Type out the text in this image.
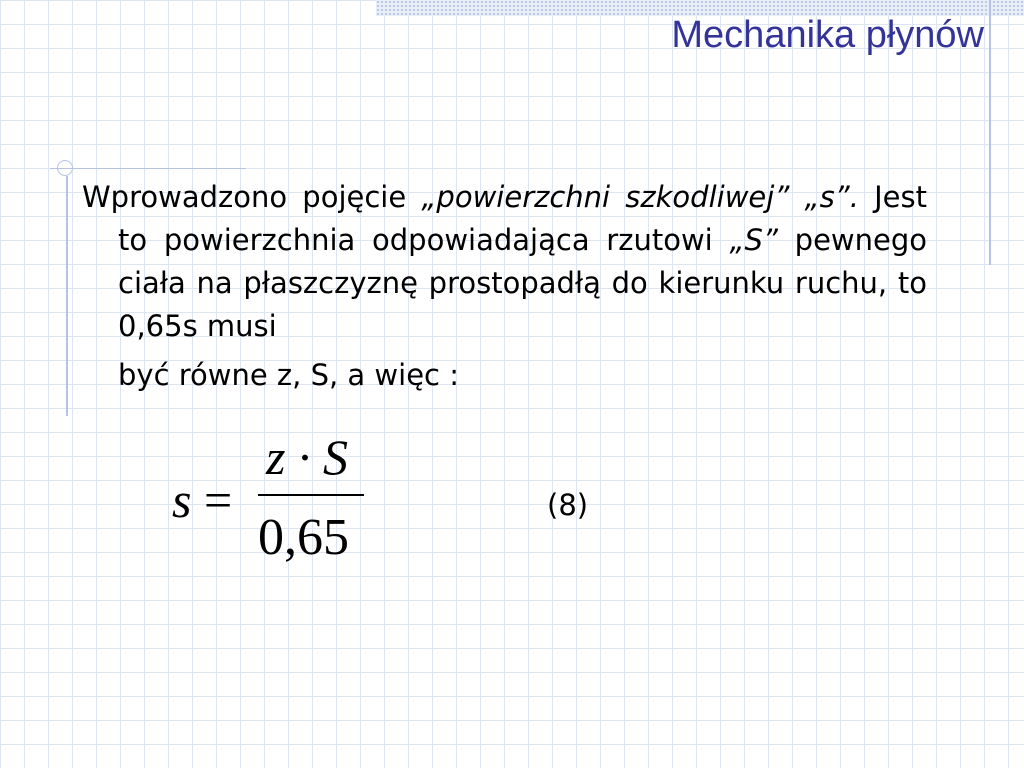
Mechanika płynów

Wprowadzono pojęcie „powierzchni szkodliwej” „s”. Jest to powierzchnia odpowiadająca rzutowi „S” pewnego ciała na płaszczyznę prostopadłą do kierunku ruchu, to 0,65s musi
być równe z, S, a więc :

s =
z · S
0,65
(8)
